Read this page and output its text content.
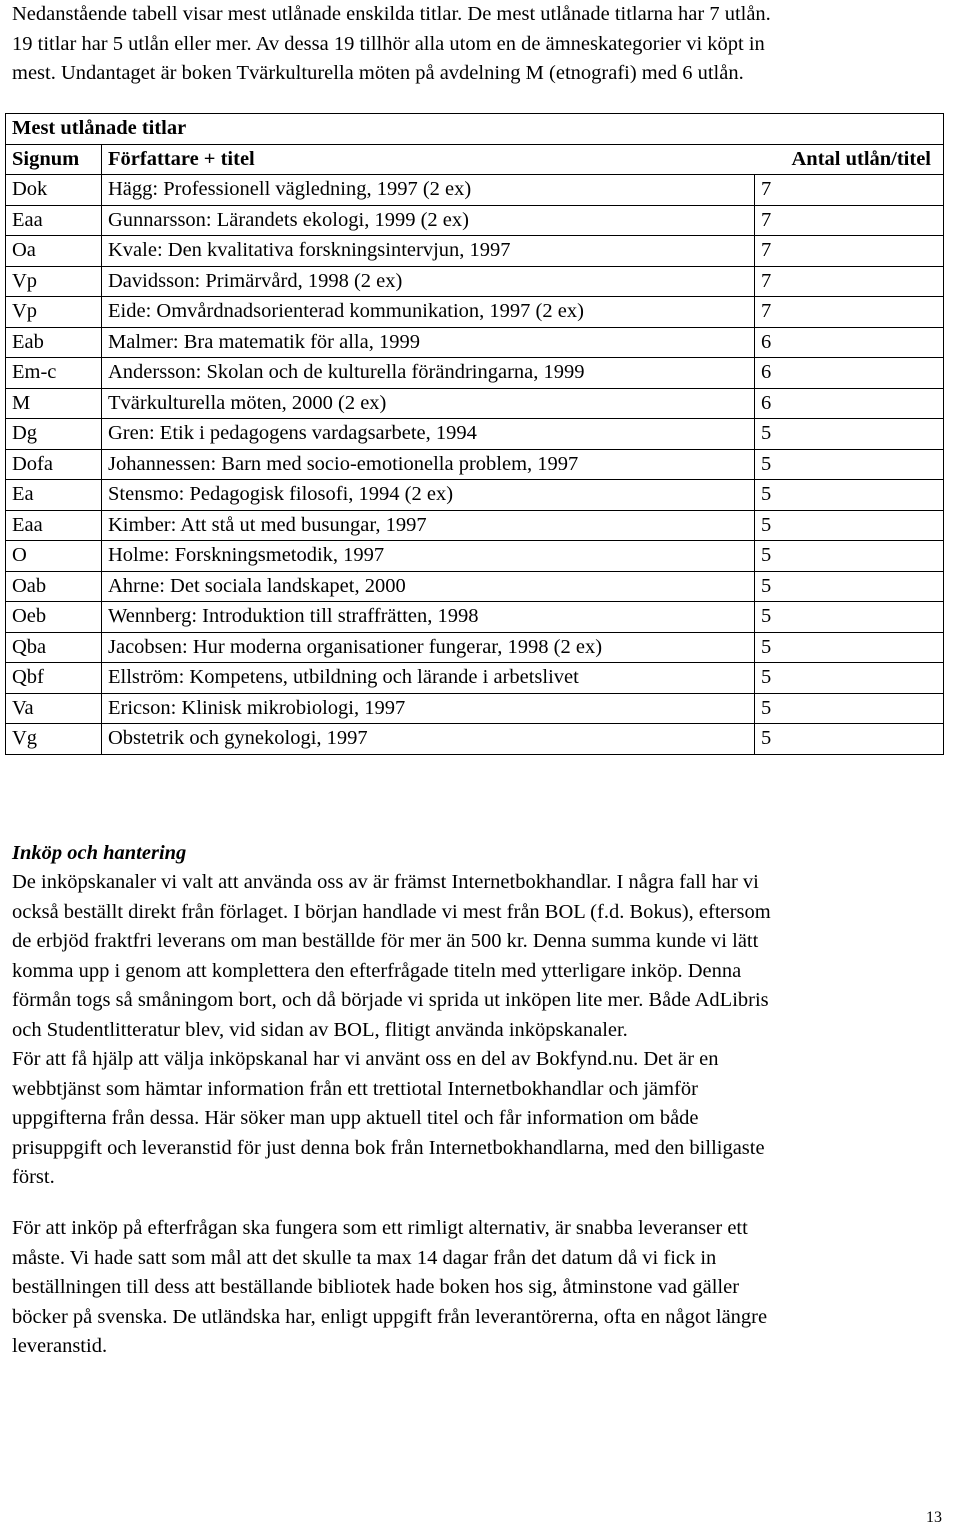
Nedanstående tabell visar mest utlånade enskilda titlar. De mest utlånade titlarna har 7 utlån.
19 titlar har 5 utlån eller mer. Av dessa 19 tillhör alla utom en de ämneskategorier vi köpt in
mest. Undantaget är boken Tvärkulturella möten på avdelning M (etnografi) med 6 utlån.
Mest utlånade titlar		
Signum	Författare + titel	Antal utlån/titel
Dok	Hägg: Professionell vägledning, 1997 (2 ex)	7
Eaa	Gunnarsson: Lärandets ekologi, 1999 (2 ex)	7
Oa	Kvale: Den kvalitativa forskningsintervjun, 1997	7
Vp	Davidsson: Primärvård, 1998 (2 ex)	7
Vp	Eide: Omvårdnadsorienterad kommunikation, 1997 (2 ex)	7
Eab	Malmer: Bra matematik för alla, 1999	6
Em-c	Andersson: Skolan och de kulturella förändringarna, 1999	6
M	Tvärkulturella möten, 2000 (2 ex)	6
Dg	Gren: Etik i pedagogens vardagsarbete, 1994	5
Dofa	Johannessen: Barn med socio-emotionella problem, 1997	5
Ea	Stensmo: Pedagogisk filosofi, 1994 (2 ex)	5
Eaa	Kimber: Att stå ut med busungar, 1997	5
O	Holme: Forskningsmetodik, 1997	5
Oab	Ahrne: Det sociala landskapet, 2000	5
Oeb	Wennberg: Introduktion till straffrätten, 1998	5
Qba	Jacobsen: Hur moderna organisationer fungerar, 1998 (2 ex)	5
Qbf	Ellström: Kompetens, utbildning och lärande i arbetslivet	5
Va	Ericson: Klinisk mikrobiologi, 1997	5
Vg	Obstetrik och gynekologi, 1997	5
Inköp och hantering
De inköpskanaler vi valt att använda oss av är främst Internetbokhandlar. I några fall har vi
också beställt direkt från förlaget. I början handlade vi mest från BOL (f.d. Bokus), eftersom
de erbjöd fraktfri leverans om man beställde för mer än 500 kr. Denna summa kunde vi lätt
komma upp i genom att komplettera den efterfrågade titeln med ytterligare inköp. Denna
förmån togs så småningom bort, och då började vi sprida ut inköpen lite mer. Både AdLibris
och Studentlitteratur blev, vid sidan av BOL, flitigt använda inköpskanaler.
För att få hjälp att välja inköpskanal har vi använt oss en del av Bokfynd.nu. Det är en
webbtjänst som hämtar information från ett trettiotal Internetbokhandlar och jämför
uppgifterna från dessa. Här söker man upp aktuell titel och får information om både
prisuppgift och leveranstid för just denna bok från Internetbokhandlarna, med den billigaste
först.
För att inköp på efterfrågan ska fungera som ett rimligt alternativ, är snabba leveranser ett
måste. Vi hade satt som mål att det skulle ta max 14 dagar från det datum då vi fick in
beställningen till dess att beställande bibliotek hade boken hos sig, åtminstone vad gäller
böcker på svenska. De utländska har, enligt uppgift från leverantörerna, ofta en något längre
leveranstid.
13
